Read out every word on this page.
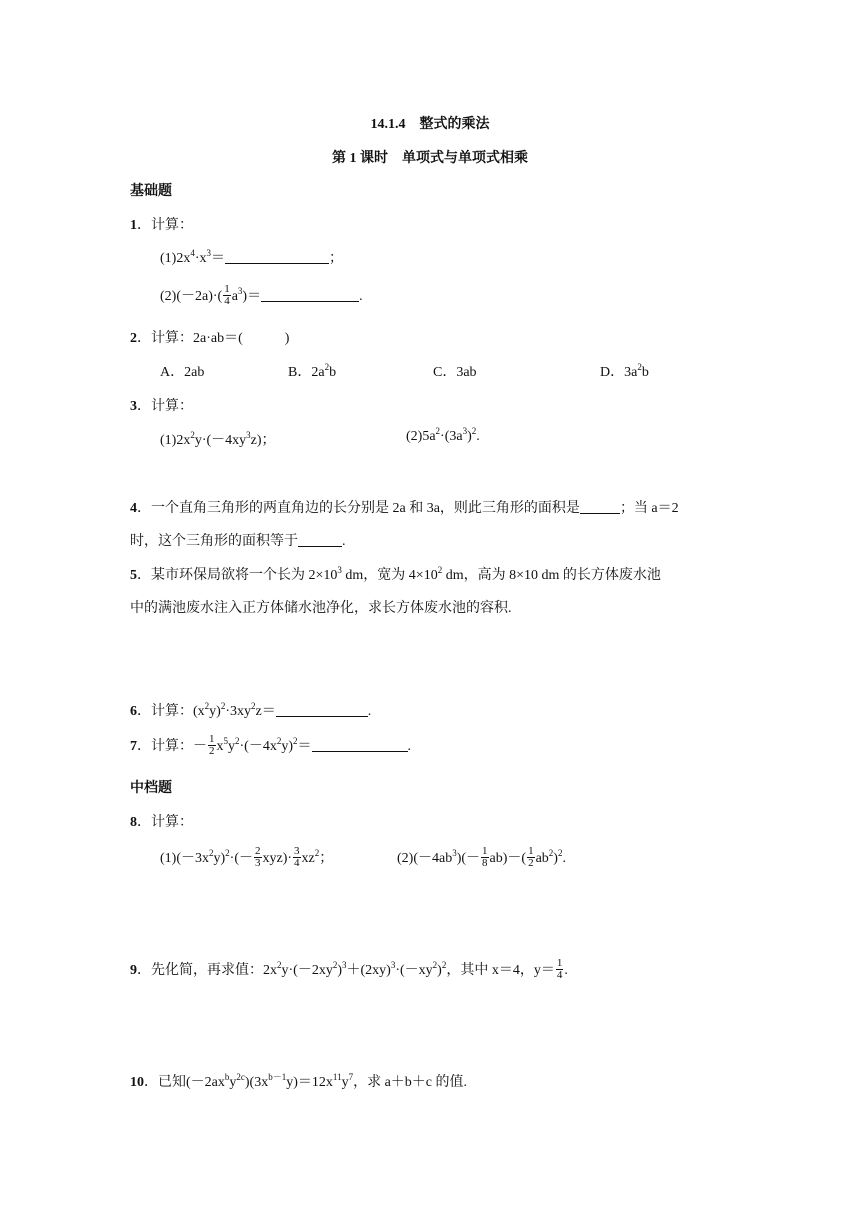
14.1.4　整式的乘法
第 1 课时　单项式与单项式相乘
基础题
1．计算：
$(1)2x^4\cdot x^3=$	；
$(2)(-2a)\cdot( \frac{1}{4} a^3)=$	.
2．计算：2a·ab＝(　　　)
A．2ab	B．$2a^2b$	C．3ab	D．$3a^2b$
3．计算：
$(1)2x^2y\cdot(-4xy^3z)$；	$(2)5a^2\cdot(3a^3)^2$.
4．一个直角三角形的两直角边的长分别是 2a 和 3a，则此三角形的面积是	；当 a＝2
时，这个三角形的面积等于	.
5．某市环保局欲将一个长为 $2\times 10^3$ dm，宽为 $4\times 10^2$ dm，高为 8×10 dm 的长方体废水池
中的满池废水注入正方体储水池净化，求长方体废水池的容积.
6．计算：$(x^2y)^2\cdot 3xy^2z=$	.
7．计算：－ $\frac{1}{2} x^5y^2\cdot(-4x^2y)^2=$	.
中档题
8．计算：
$(1)(-3x^2y)^2\cdot(- \frac{2}{3} xyz)\cdot \frac{3}{4} xz^2$；	$(2)(-4ab^3)(- \frac{1}{8} ab)-( \frac{1}{2} ab^2)^2$.
9．先化简，再求值：$2x^2y\cdot(-2xy^2)^3+(2xy)^3\cdot(-xy^2)^2$，其中 x＝4，$y= \frac{1}{4}$ .
10．已知$(-2ax^by^{2c})(3x^{b-1}y)=12x^{11}y^7$，求 a＋b＋c 的值.
